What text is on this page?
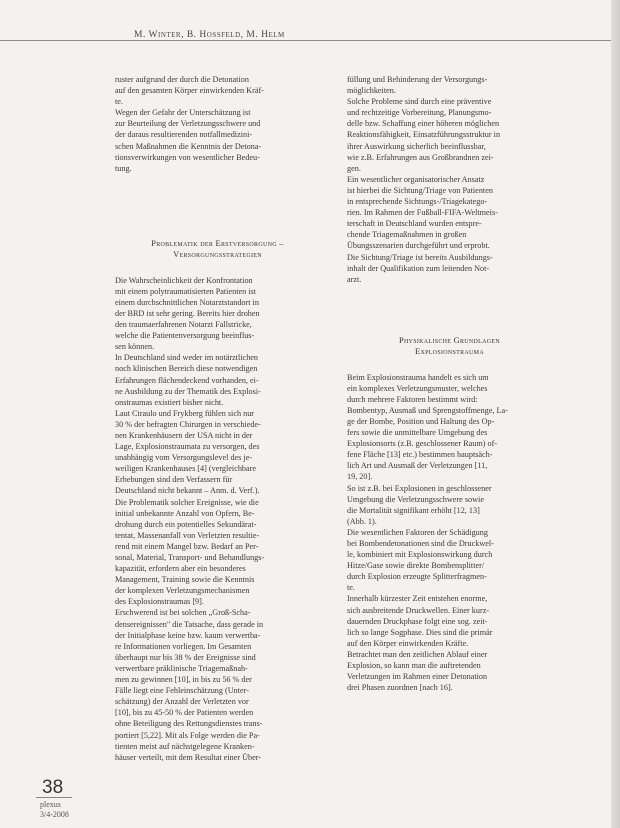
M. Winter, B. Hossfeld, M. Helm
ruster aufgrund der durch die Detonation
auf den gesamten Körper einwirkenden Kräf-
te.
Wegen der Gefahr der Unterschätzung ist
zur Beurteilung der Verletzungsschwere und
der daraus resultierenden notfallmedizini-
schen Maßnahmen die Kenntnis der Detona-
tionsverwirkungen von wesentlicher Bedeu-
tung.
Problematik der Erstversorgung –
Versorgungsstrategien
Die Wahrscheinlichkeit der Konfrontation
mit einem polytraumatisierten Patienten ist
einem durchschnittlichen Notarztstandort in
der BRD ist sehr gering. Bereits hier drohen
den traumaerfahrenen Notarzt Fallstricke,
welche die Patientenversorgung beeinflus-
sen können.
In Deutschland sind weder im notärztlichen
noch klinischen Bereich diese notwendigen
Erfahrungen flächendeckend vorhanden, ei-
ne Ausbildung zu der Thematik des Explosi-
onstraumas existiert bisher nicht.
Laut Ciraulo und Frykberg fühlen sich nur
30 % der befragten Chirurgen in verschiede-
nen Krankenhäusern der USA nicht in der
Lage, Explosionstraumata zu versorgen, des
unabhängig vom Versorgungslevel des je-
weiligen Krankenhauses [4] (vergleichbare
Erhebungen sind den Verfassern für
Deutschland nicht bekannt – Anm. d. Verf.).
Die Problematik solcher Ereignisse, wie die
initial unbekannte Anzahl von Opfern, Be-
drohung durch ein potentielles Sekundärat-
tentat, Massenanfall von Verletzten resultie-
rend mit einem Mangel bzw. Bedarf an Per-
sonal, Material, Transport- und Behandlungs-
kapazität, erfordern aber ein besonderes
Management, Training sowie die Kenntnis
der komplexen Verletzungsmechanismen
des Explosionstraumas [9].
Erschwerend ist bei solchen „Groß-Scha-
densereignissen" die Tatsache, dass gerade in
der Initialphase keine bzw. kaum verwertba-
re Informationen vorliegen. Im Gesamten
überhaupt nur bis 38 % der Ereignisse sind
verwertbare präklinische Triagemaßnah-
men zu gewinnen [10], in bis zu 56 % der
Fälle liegt eine Fehleinschätzung (Unter-
schätzung) der Anzahl der Verletzten vor
[10], bis zu 45-50 % der Patienten werden
ohne Beteiligung des Rettungsdienstes trans-
portiert [5,22]. Mit als Folge werden die Pa-
tienten meist auf nächstgelegene Kranken-
häuser verteilt, mit dem Resultat einer Über-
füllung und Behinderung der Versorgungs-
möglichkeiten.
Solche Probleme sind durch eine präventive
und rechtzeitige Vorbereitung, Planungsmo-
delle bzw. Schaffung einer höheren möglichen
Reaktionsfähigkeit, Einsatzführungsstruktur in
ihrer Auswirkung sicherlich beeinflussbar,
wie z.B. Erfahrungen aus Großbrandnen zei-
gen.
Ein wesentlicher organisatorischer Ansatz
ist hierbei die Sichtung/Triage von Patienten
in entsprechende Sichtungs-/Triagekatego-
rien. Im Rahmen der Fußball-FIFA-Weltmeis-
terschaft in Deutschland wurden entspre-
chende Triagemaßnahmen in großen
Übungsszenarien durchgeführt und erprobt.
Die Sichtung/Triage ist bereits Ausbildungs-
inhalt der Qualifikation zum leitenden Not-
arzt.
Physikalische Grundlagen
Explosionstrauma
Beim Explosionstrauma handelt es sich um
ein komplexes Verletzungsmuster, welches
durch mehrere Faktoren bestimmt wird:
Bombentyp, Ausmaß und Sprengstoffmenge, La-
ge der Bombe, Position und Haltung des Op-
fers sowie die unmittelbare Umgebung des
Explosionsorts (z.B. geschlossener Raum) of-
fene Fläche [13] etc.) bestimmen hauptsäch-
lich Art und Ausmaß der Verletzungen [11,
19, 20].
So ist z.B. bei Explosionen in geschlossener
Umgebung die Verletzungsschwere sowie
die Mortalität signifikant erhöht [12, 13]
(Abb. 1).
Die wesentlichen Faktoren der Schädigung
bei Bombendetonationen sind die Druckwel-
le, kombiniert mit Explosionswirkung durch
Hitze/Gase sowie direkte Bombensplitter/
durch Explosion erzeugte Splitterfragmen-
te.
Innerhalb kürzester Zeit entstehen enorme,
sich ausbreitende Druckwellen. Einer kurz-
dauernden Druckphase folgt eine sog. zeit-
lich so lange Sogphase. Dies sind die primär
auf den Körper einwirkenden Kräfte.
Betrachtet man den zeitlichen Ablauf einer
Explosion, so kann man die auftretenden
Verletzungen im Rahmen einer Detonation
drei Phasen zuordnen [nach 16].
38
plexus
3/4-2008
